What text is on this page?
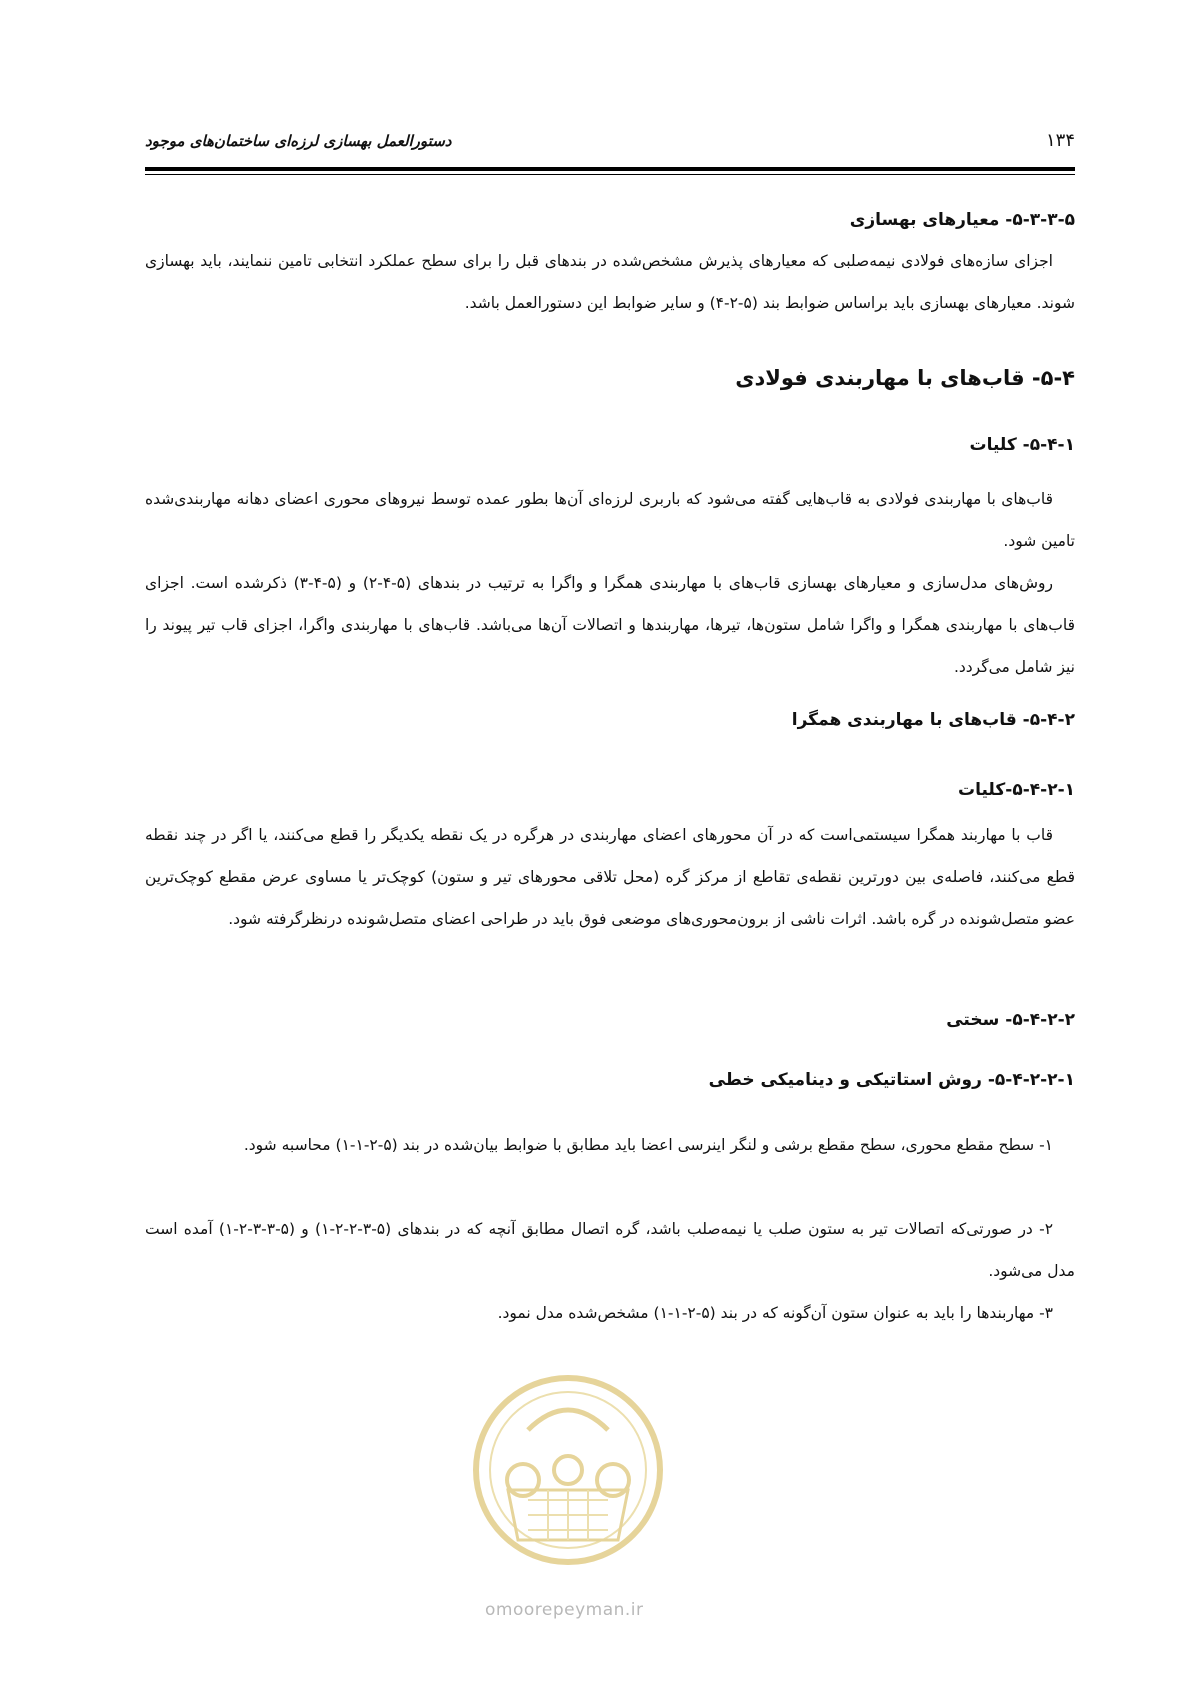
۱۳۴
دستورالعمل بهسازی لرزه‌ای ساختمان‌های موجود
۵-۳-۳-۵- معیارهای بهسازی

اجزای سازه‌های فولادی نیمه‌صلبی که معیارهای پذیرش مشخص‌شده در بندهای قبل را برای سطح عملکرد انتخابی تامین ننمایند، باید بهسازی شوند. معیارهای بهسازی باید براساس ضوابط بند (۵-۲-۴) و سایر ضوابط این دستورالعمل باشد.

۵-۴- قاب‌های با مهاربندی فولادی
۵-۴-۱- کلیات

قاب‌های با مهاربندی فولادی به قاب‌هایی گفته می‌شود که باربری لرزه‌ای آن‌ها بطور عمده توسط نیروهای محوری اعضای دهانه مهاربندی‌شده تامین شود.

روش‌های مدل‌سازی و معیارهای بهسازی قاب‌های با مهاربندی همگرا و واگرا به ترتیب در بندهای (۵-۴-۲) و (۵-۴-۳) ذکرشده است. اجزای قاب‌های با مهاربندی همگرا و واگرا شامل ستون‌ها، تیرها، مهاربندها و اتصالات آن‌ها می‌باشد. قاب‌های با مهاربندی واگرا، اجزای قاب تیر پیوند را نیز شامل می‌گردد.

۵-۴-۲- قاب‌های با مهاربندی همگرا
۵-۴-۲-۱-کلیات

قاب با مهاربند همگرا سیستمی‌است که در آن محورهای اعضای مهاربندی در هرگره در یک نقطه یکدیگر را قطع می‌کنند، یا اگر در چند نقطه قطع می‌کنند، فاصله‌ی بین دورترین نقطه‌ی تقاطع از مرکز گره (محل تلاقی محورهای تیر و ستون) کوچک‌تر یا مساوی عرض مقطع کوچک‌ترین عضو متصل‌شونده در گره باشد. اثرات ناشی از برون‌محوری‌های موضعی فوق باید در طراحی اعضای متصل‌شونده درنظرگرفته شود.

۵-۴-۲-۲- سختی
۵-۴-۲-۲-۱- روش استاتیکی و دینامیکی خطی

۱- سطح مقطع محوری، سطح مقطع برشی و لنگر اینرسی اعضا باید مطابق با ضوابط بیان‌شده در بند (۵-۲-۱-۱) محاسبه شود.

۲- در صورتی‌که اتصالات تیر به ستون صلب یا نیمه‌صلب باشد، گره اتصال مطابق آنچه که در بندهای (۵-۳-۲-۲-۱) و (۵-۳-۳-۲-۱) آمده است مدل می‌شود.

۳- مهاربندها را باید به عنوان ستون آن‌گونه که در بند (۵-۲-۱-۱) مشخص‌شده مدل نمود.

omoorepeyman.ir
